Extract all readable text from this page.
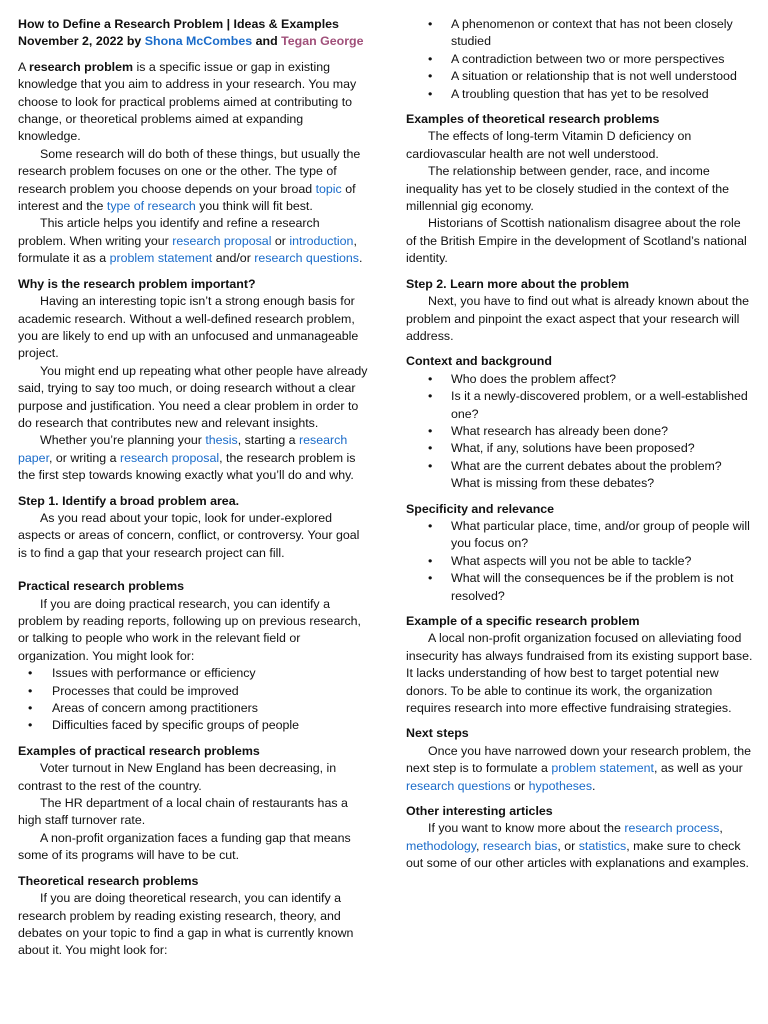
How to Define a Research Problem | Ideas & Examples

November 2, 2022 by Shona McCombes and Tegan George

A research problem is a specific issue or gap in existing knowledge that you aim to address in your research. You may choose to look for practical problems aimed at contributing to change, or theoretical problems aimed at expanding knowledge.

Some research will do both of these things, but usually the research problem focuses on one or the other. The type of research problem you choose depends on your broad topic of interest and the type of research you think will fit best.

This article helps you identify and refine a research problem. When writing your research proposal or introduction, formulate it as a problem statement and/or research questions.

Why is the research problem important?

Having an interesting topic isn’t a strong enough basis for academic research. Without a well-defined research problem, you are likely to end up with an unfocused and unmanageable project.

You might end up repeating what other people have already said, trying to say too much, or doing research without a clear purpose and justification. You need a clear problem in order to do research that contributes new and relevant insights.

Whether you’re planning your thesis, starting a research paper, or writing a research proposal, the research problem is the first step towards knowing exactly what you’ll do and why.

Step 1. Identify a broad problem area.

As you read about your topic, look for under-explored aspects or areas of concern, conflict, or controversy. Your goal is to find a gap that your research project can fill.

Practical research problems

If you are doing practical research, you can identify a problem by reading reports, following up on previous research, or talking to people who work in the relevant field or organization. You might look for:

• Issues with performance or efficiency
• Processes that could be improved
• Areas of concern among practitioners
• Difficulties faced by specific groups of people

Examples of practical research problems

Voter turnout in New England has been decreasing, in contrast to the rest of the country.

The HR department of a local chain of restaurants has a high staff turnover rate.

A non-profit organization faces a funding gap that means some of its programs will have to be cut.

Theoretical research problems

If you are doing theoretical research, you can identify a research problem by reading existing research, theory, and debates on your topic to find a gap in what is currently known about it. You might look for:

• A phenomenon or context that has not been closely studied
• A contradiction between two or more perspectives
• A situation or relationship that is not well understood
• A troubling question that has yet to be resolved

Examples of theoretical research problems

The effects of long-term Vitamin D deficiency on cardiovascular health are not well understood.

The relationship between gender, race, and income inequality has yet to be closely studied in the context of the millennial gig economy.

Historians of Scottish nationalism disagree about the role of the British Empire in the development of Scotland’s national identity.

Step 2. Learn more about the problem

Next, you have to find out what is already known about the problem and pinpoint the exact aspect that your research will address.

Context and background

• Who does the problem affect?
• Is it a newly-discovered problem, or a well-established one?
• What research has already been done?
• What, if any, solutions have been proposed?
• What are the current debates about the problem? What is missing from these debates?

Specificity and relevance

• What particular place, time, and/or group of people will you focus on?
• What aspects will you not be able to tackle?
• What will the consequences be if the problem is not resolved?

Example of a specific research problem

A local non-profit organization focused on alleviating food insecurity has always fundraised from its existing support base. It lacks understanding of how best to target potential new donors. To be able to continue its work, the organization requires research into more effective fundraising strategies.

Next steps

Once you have narrowed down your research problem, the next step is to formulate a problem statement, as well as your research questions or hypotheses.

Other interesting articles

If you want to know more about the research process, methodology, research bias, or statistics, make sure to check out some of our other articles with explanations and examples.
